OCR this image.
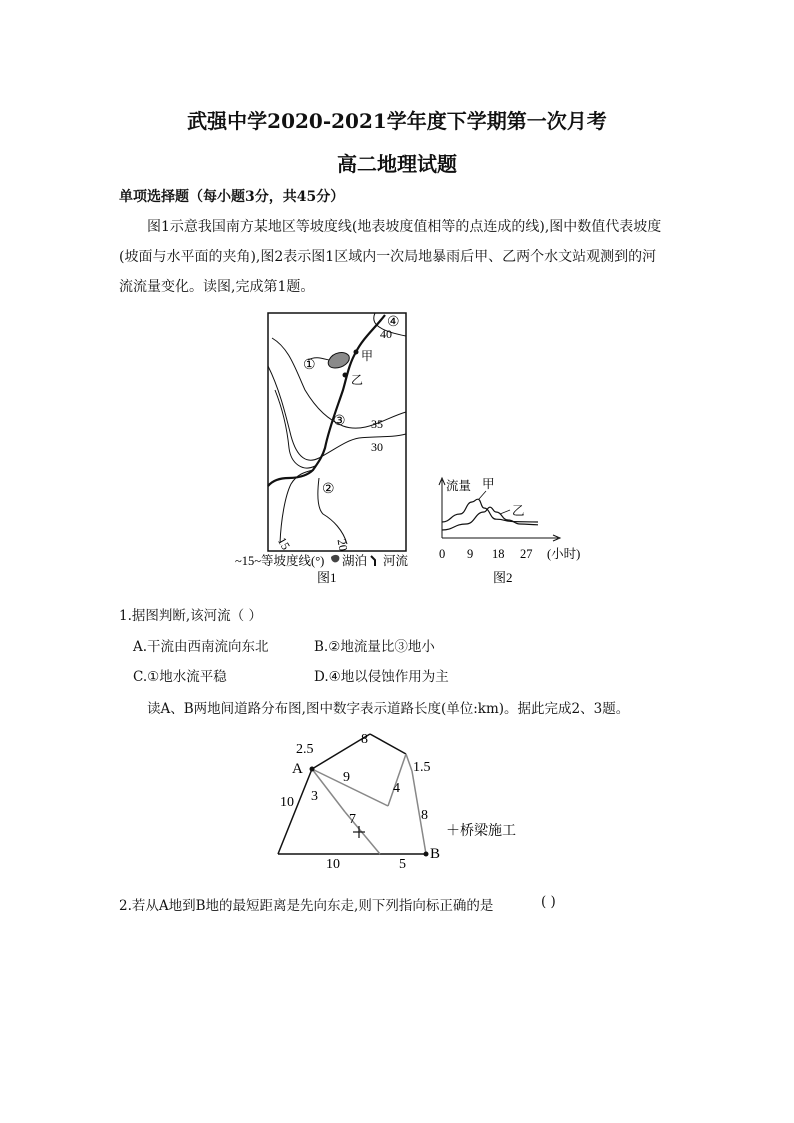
武强中学2020-2021学年度下学期第一次月考
高二地理试题
单项选择题（每小题3分，共45分）
图1示意我国南方某地区等坡度线(地表坡度值相等的点连成的线),图中数值代表坡度
(坡面与水平面的夹角),图2表示图1区域内一次局地暴雨后甲、乙两个水文站观测到的河
流流量变化。读图,完成第1题。
④
40
①
甲
乙
③ 35
30
②
15	20
~15~等坡度线(°) 湖泊 河流
图1
流量 甲
乙
0 9 18 27 (小时)
图2
1.据图判断,该河流（ ）
A.干流由西南流向东北	B.②地流量比③地小
C.①地水流平稳	D.④地以侵蚀作用为主
读A、B两地间道路分布图,图中数字表示道路长度(单位:km)。据此完成2、3题。
2.5
8
1.5
A
9
4
10 3
8
7
10	5
B
＋桥梁施工
2.若从A地到B地的最短距离是先向东走,则下列指向标正确的是	( )
